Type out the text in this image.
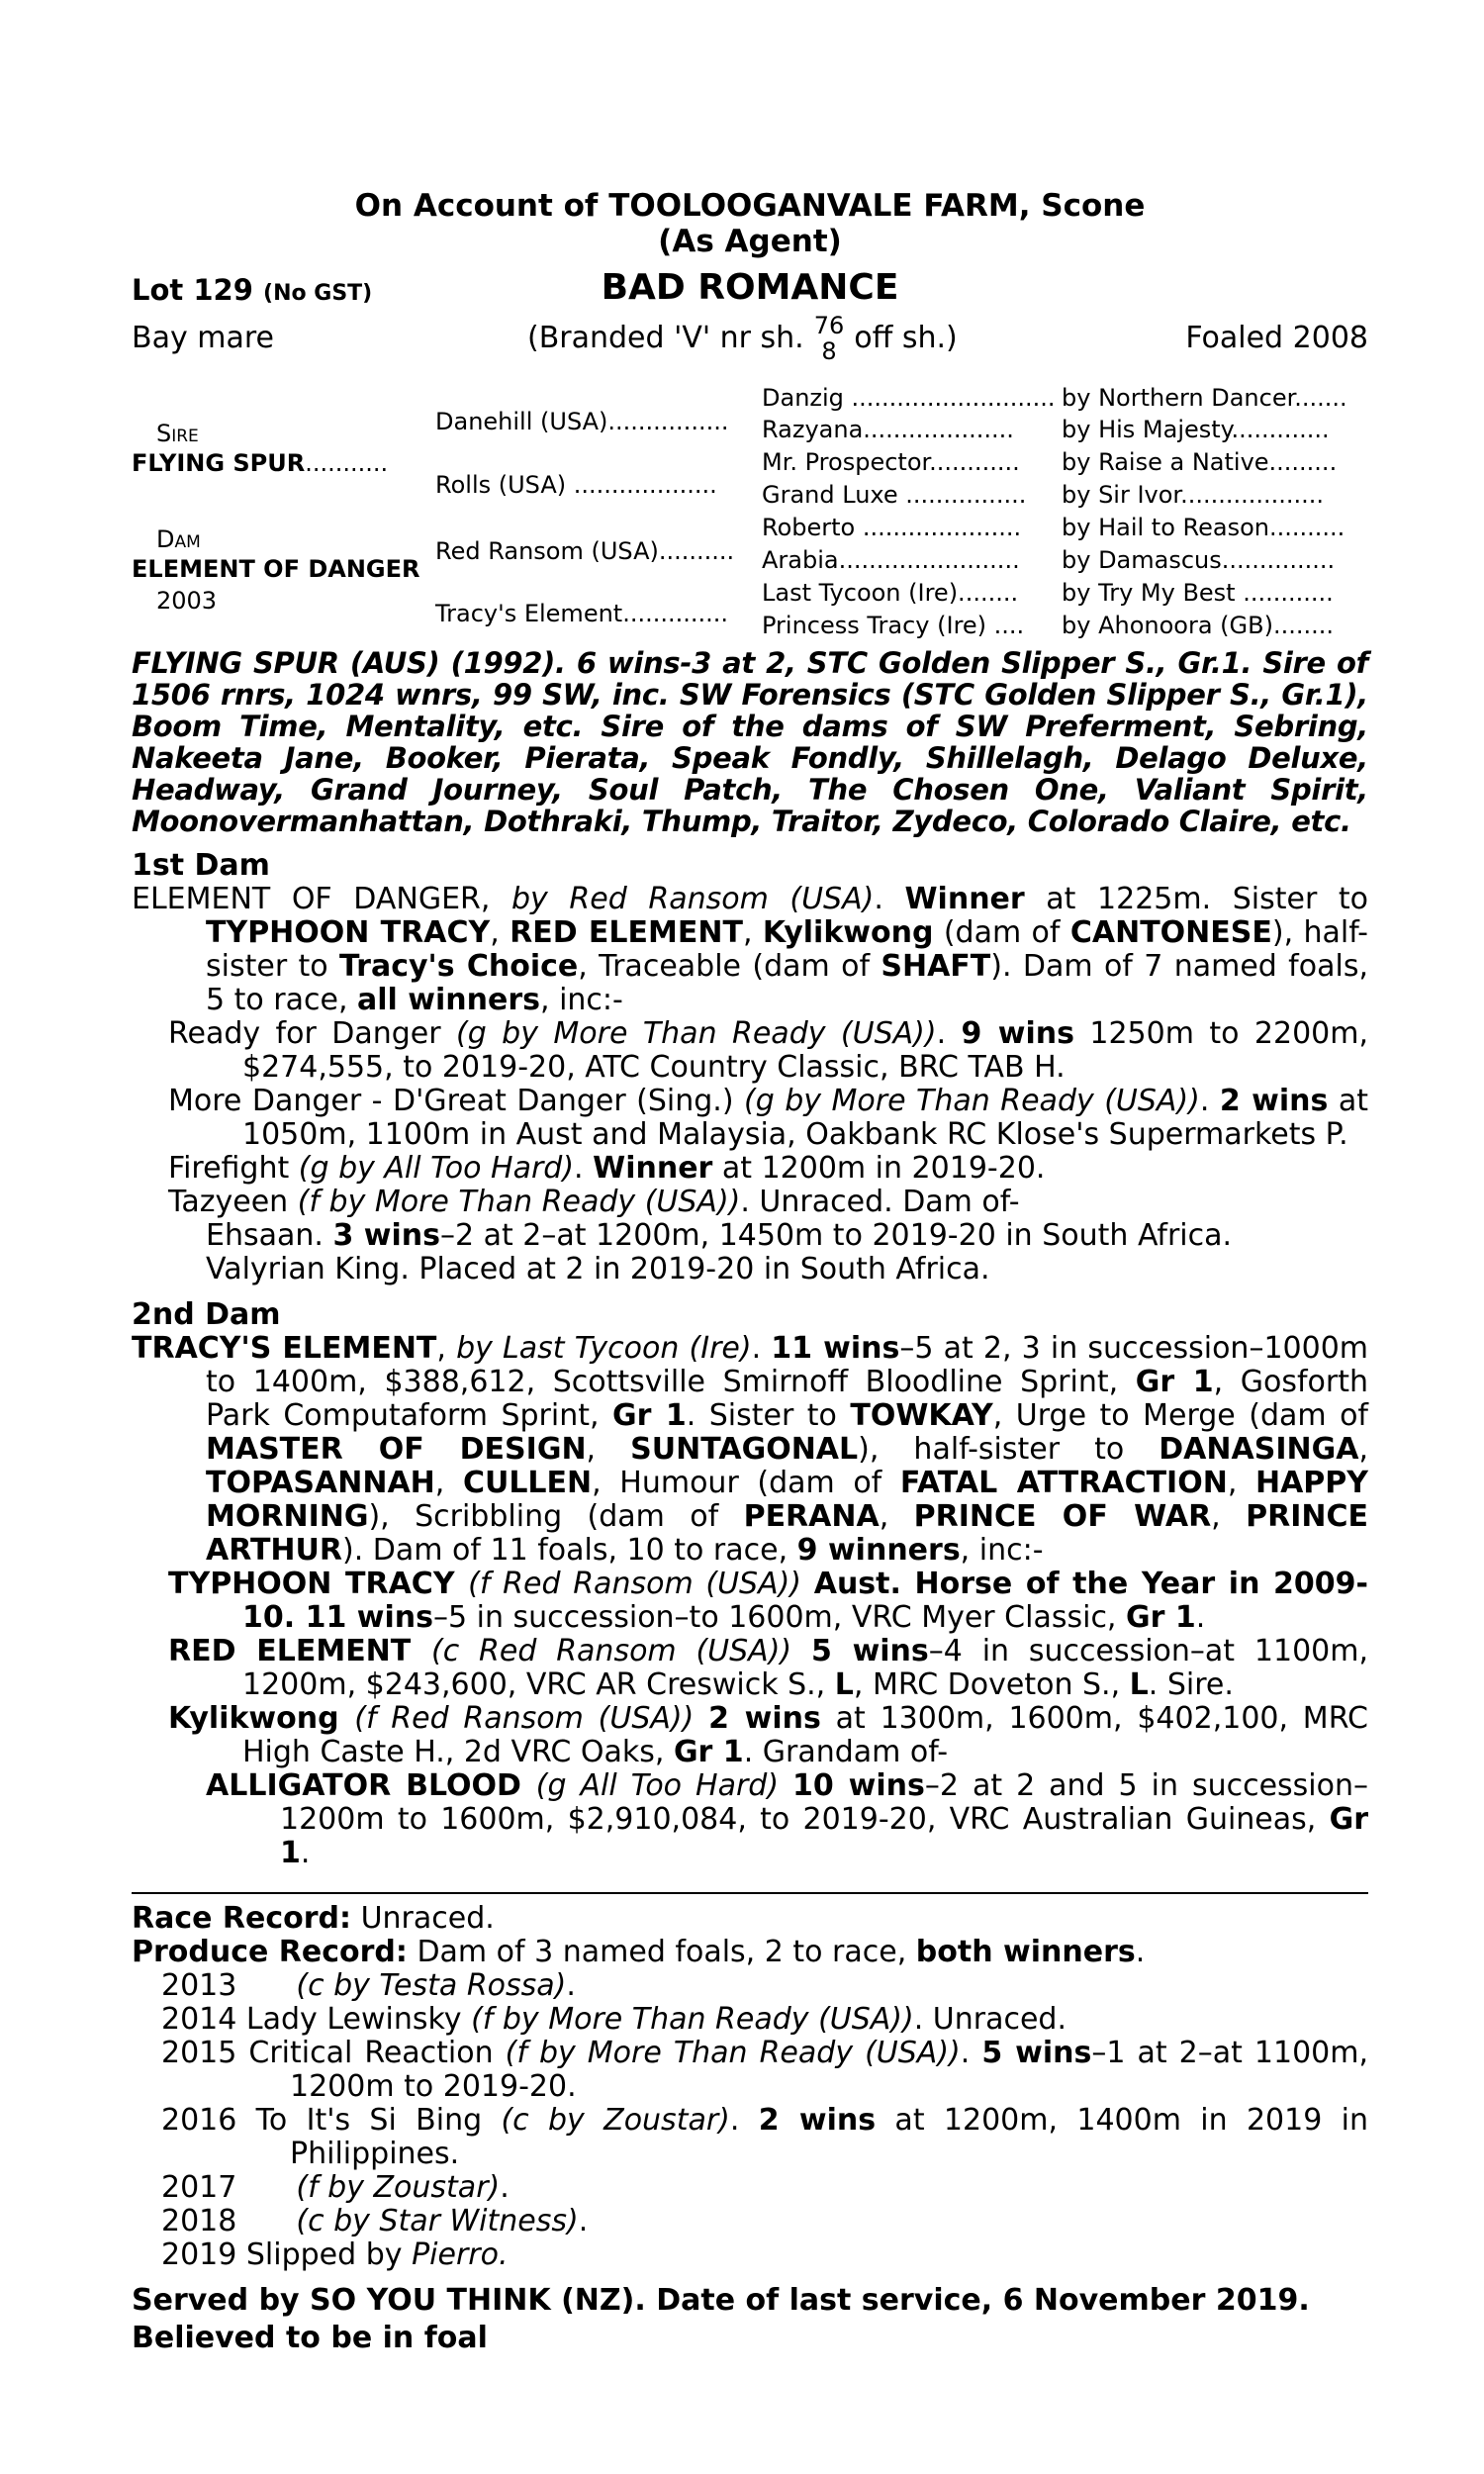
On Account of TOOLOOGANVALE FARM, Scone
(As Agent)
BAD ROMANCE
Lot 129 (No GST)
Bay mare	(Branded 'V' nr sh. 76
8 off sh.)	Foaled 2008
Sire
FLYING SPUR...........
Dam
ELEMENT OF DANGER
2003
Danehill (USA)................
Rolls (USA) ...................
Red Ransom (USA)..........
Tracy's Element..............
Danzig ...........................
Razyana....................
Mr. Prospector............
Grand Luxe ................
Roberto .....................
Arabia........................
Last Tycoon (Ire)........
Princess Tracy (Ire) ....
by Northern Dancer.......
by His Majesty.............
by Raise a Native.........
by Sir Ivor...................
by Hail to Reason..........
by Damascus...............
by Try My Best ............
by Ahonoora (GB)........
FLYING SPUR (AUS) (1992). 6 wins-3 at 2, STC Golden Slipper S., Gr.1. Sire of 1506 rnrs, 1024 wnrs, 99 SW, inc. SW Forensics (STC Golden Slipper S., Gr.1), Boom Time, Mentality, etc. Sire of the dams of SW Preferment, Sebring, Nakeeta Jane, Booker, Pierata, Speak Fondly, Shillelagh, Delago Deluxe, Headway, Grand Journey, Soul Patch, The Chosen One, Valiant Spirit, Moonovermanhattan, Dothraki, Thump, Traitor, Zydeco, Colorado Claire, etc.
1st Dam
ELEMENT OF DANGER, by Red Ransom (USA). Winner at 1225m. Sister to TYPHOON TRACY, RED ELEMENT, Kylikwong (dam of CANTONESE), half-sister to Tracy's Choice, Traceable (dam of SHAFT). Dam of 7 named foals, 5 to race, all winners, inc:-
Ready for Danger (g by More Than Ready (USA)). 9 wins 1250m to 2200m, $274,555, to 2019-20, ATC Country Classic, BRC TAB H.
More Danger - D'Great Danger (Sing.) (g by More Than Ready (USA)). 2 wins at 1050m, 1100m in Aust and Malaysia, Oakbank RC Klose's Supermarkets P.
Firefight (g by All Too Hard). Winner at 1200m in 2019-20.
Tazyeen (f by More Than Ready (USA)). Unraced. Dam of-
Ehsaan. 3 wins–2 at 2–at 1200m, 1450m to 2019-20 in South Africa.
Valyrian King. Placed at 2 in 2019-20 in South Africa.
2nd Dam
TRACY'S ELEMENT, by Last Tycoon (Ire). 11 wins–5 at 2, 3 in succession–1000m to 1400m, $388,612, Scottsville Smirnoff Bloodline Sprint, Gr 1, Gosforth Park Computaform Sprint, Gr 1. Sister to TOWKAY, Urge to Merge (dam of MASTER OF DESIGN, SUNTAGONAL), half-sister to DANASINGA, TOPASANNAH, CULLEN, Humour (dam of FATAL ATTRACTION, HAPPY MORNING), Scribbling (dam of PERANA, PRINCE OF WAR, PRINCE ARTHUR). Dam of 11 foals, 10 to race, 9 winners, inc:-
TYPHOON TRACY (f Red Ransom (USA)) Aust. Horse of the Year in 2009-10. 11 wins–5 in succession–to 1600m, VRC Myer Classic, Gr 1.
RED ELEMENT (c Red Ransom (USA)) 5 wins–4 in succession–at 1100m, 1200m, $243,600, VRC AR Creswick S., L, MRC Doveton S., L. Sire.
Kylikwong (f Red Ransom (USA)) 2 wins at 1300m, 1600m, $402,100, MRC High Caste H., 2d VRC Oaks, Gr 1. Grandam of-
ALLIGATOR BLOOD (g All Too Hard) 10 wins–2 at 2 and 5 in succession–1200m to 1600m, $2,910,084, to 2019-20, VRC Australian Guineas, Gr 1.
Race Record: Unraced.
Produce Record: Dam of 3 named foals, 2 to race, both winners.
2013  (c by Testa Rossa).
2014 Lady Lewinsky (f by More Than Ready (USA)). Unraced.
2015 Critical Reaction (f by More Than Ready (USA)). 5 wins–1 at 2–at 1100m, 1200m to 2019-20.
2016 To It's Si Bing (c by Zoustar). 2 wins at 1200m, 1400m in 2019 in Philippines.
2017  (f by Zoustar).
2018  (c by Star Witness).
2019 Slipped by Pierro.
Served by SO YOU THINK (NZ). Date of last service, 6 November 2019.
Believed to be in foal
